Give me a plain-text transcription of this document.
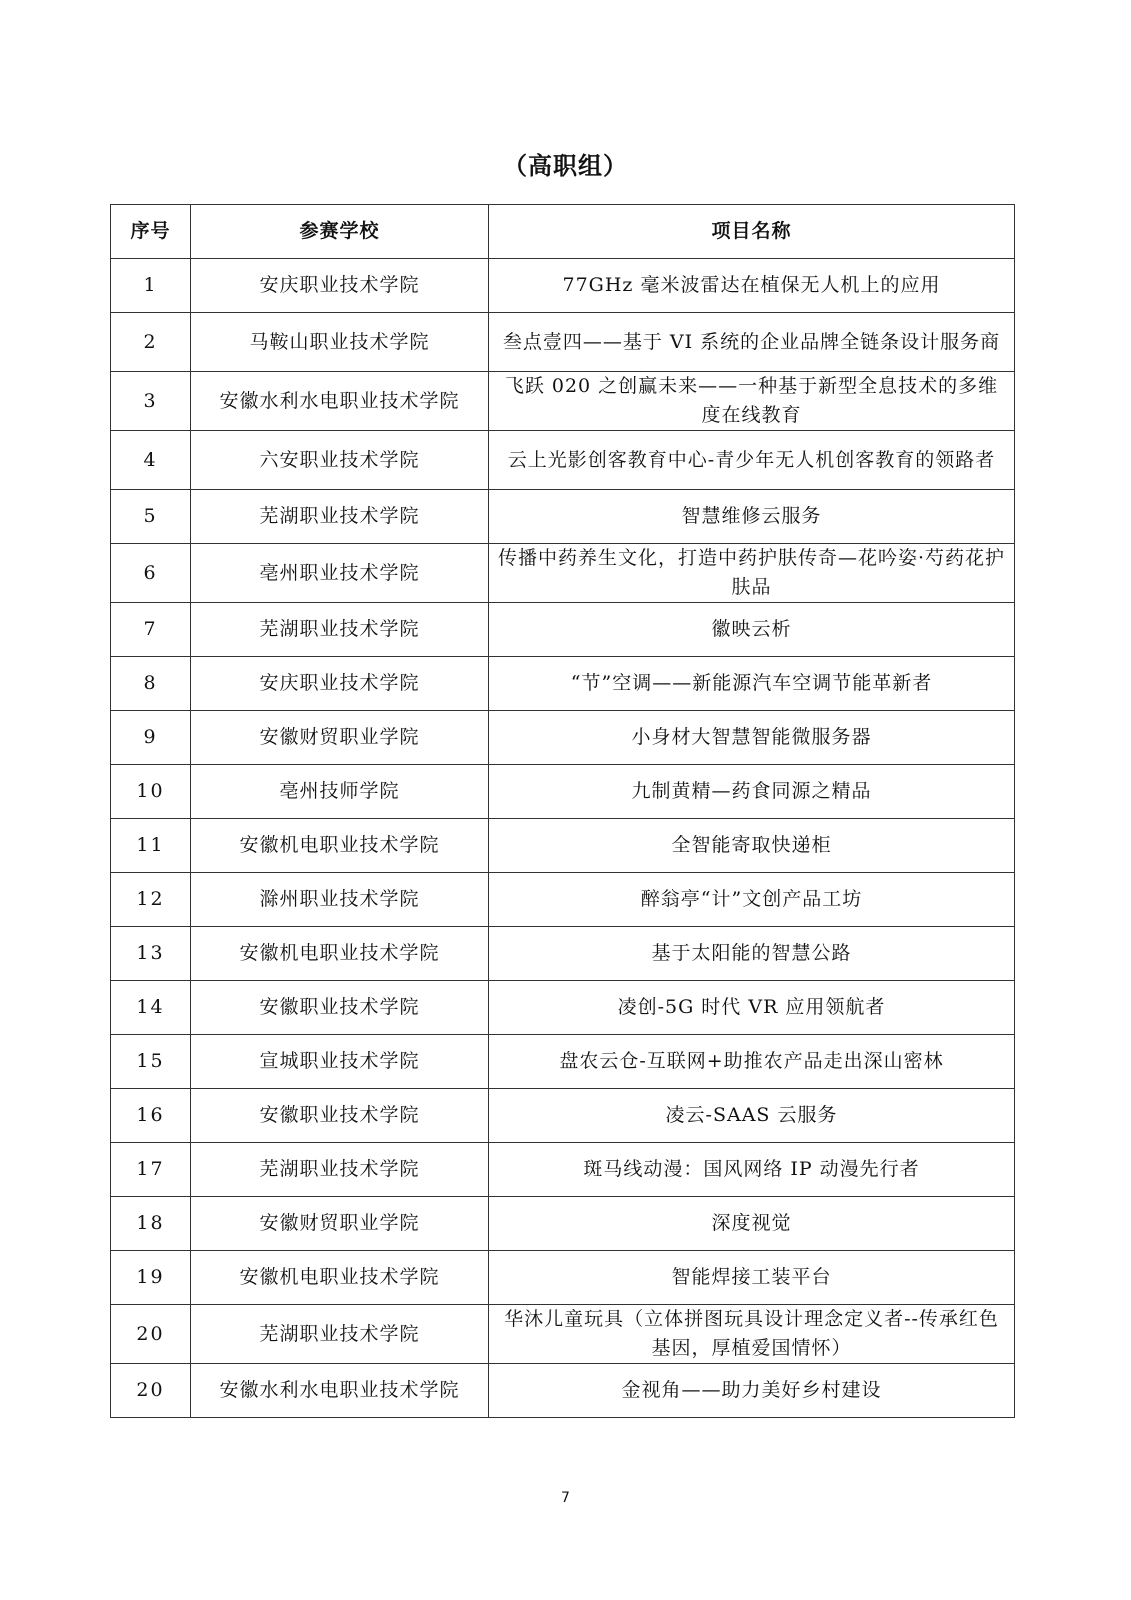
（高职组）
序号	参赛学校	项目名称
1	安庆职业技术学院	77GHz 毫米波雷达在植保无人机上的应用
2	马鞍山职业技术学院	叁点壹四——基于 VI 系统的企业品牌全链条设计服务商
3	安徽水利水电职业技术学院	飞跃 020 之创赢未来——一种基于新型全息技术的多维度在线教育
4	六安职业技术学院	云上光影创客教育中心-青少年无人机创客教育的领路者
5	芜湖职业技术学院	智慧维修云服务
6	亳州职业技术学院	传播中药养生文化，打造中药护肤传奇—花吟姿·芍药花护肤品
7	芜湖职业技术学院	徽映云析
8	安庆职业技术学院	“节”空调——新能源汽车空调节能革新者
9	安徽财贸职业学院	小身材大智慧智能微服务器
10	亳州技师学院	九制黄精—药食同源之精品
11	安徽机电职业技术学院	全智能寄取快递柜
12	滁州职业技术学院	醉翁亭“计”文创产品工坊
13	安徽机电职业技术学院	基于太阳能的智慧公路
14	安徽职业技术学院	凌创-5G 时代 VR 应用领航者
15	宣城职业技术学院	盘农云仓-互联网+助推农产品走出深山密林
16	安徽职业技术学院	凌云-SAAS 云服务
17	芜湖职业技术学院	斑马线动漫：国风网络 IP 动漫先行者
18	安徽财贸职业学院	深度视觉
19	安徽机电职业技术学院	智能焊接工装平台
20	芜湖职业技术学院	华沐儿童玩具（立体拼图玩具设计理念定义者--传承红色基因，厚植爱国情怀）
20	安徽水利水电职业技术学院	金视角——助力美好乡村建设
7
